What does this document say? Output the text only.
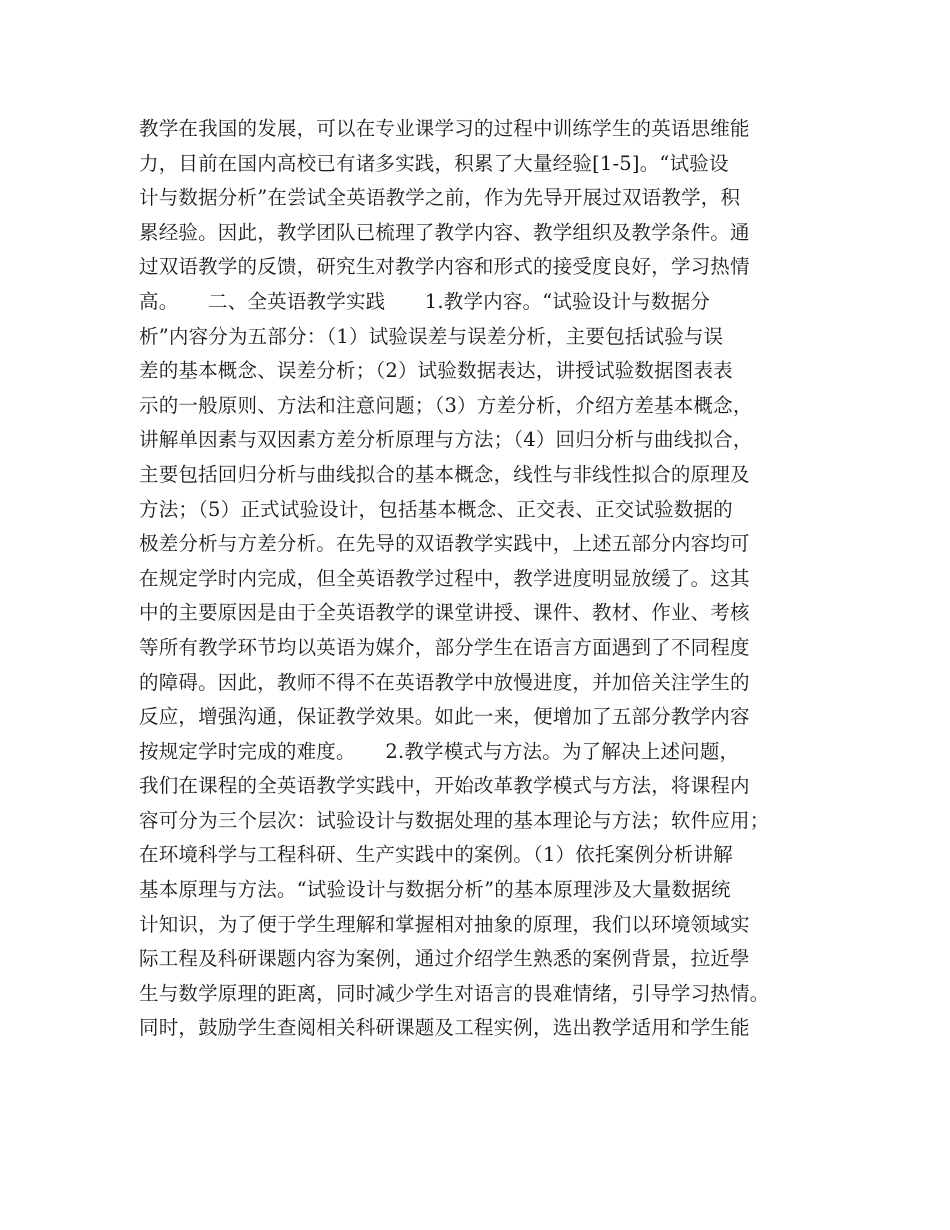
教学在我国的发展，可以在专业课学习的过程中训练学生的英语思维能
力，目前在国内高校已有诸多实践，积累了大量经验[1-5]。“试验设
计与数据分析”在尝试全英语教学之前，作为先导开展过双语教学，积
累经验。因此，教学团队已梳理了教学内容、教学组织及教学条件。通
过双语教学的反馈，研究生对教学内容和形式的接受度良好，学习热情
高。　　二、全英语教学实践　　1.教学内容。“试验设计与数据分
析”内容分为五部分：（1）试验误差与误差分析，主要包括试验与误
差的基本概念、误差分析；（2）试验数据表达，讲授试验数据图表表
示的一般原则、方法和注意问题；（3）方差分析，介绍方差基本概念，
讲解单因素与双因素方差分析原理与方法；（4）回归分析与曲线拟合，
主要包括回归分析与曲线拟合的基本概念，线性与非线性拟合的原理及
方法；（5）正式试验设计，包括基本概念、正交表、正交试验数据的
极差分析与方差分析。在先导的双语教学实践中，上述五部分内容均可
在规定学时内完成，但全英语教学过程中，教学进度明显放缓了。这其
中的主要原因是由于全英语教学的课堂讲授、课件、教材、作业、考核
等所有教学环节均以英语为媒介，部分学生在语言方面遇到了不同程度
的障碍。因此，教师不得不在英语教学中放慢进度，并加倍关注学生的
反应，增强沟通，保证教学效果。如此一来，便增加了五部分教学内容
按规定学时完成的难度。　　2.教学模式与方法。为了解决上述问题，
我们在课程的全英语教学实践中，开始改革教学模式与方法，将课程内
容可分为三个层次：试验设计与数据处理的基本理论与方法；软件应用；
在环境科学与工程科研、生产实践中的案例。（1）依托案例分析讲解
基本原理与方法。“试验设计与数据分析”的基本原理涉及大量数据统
计知识，为了便于学生理解和掌握相对抽象的原理，我们以环境领域实
际工程及科研课题内容为案例，通过介绍学生熟悉的案例背景，拉近學
生与数学原理的距离，同时减少学生对语言的畏难情绪，引导学习热情。
同时，鼓励学生查阅相关科研课题及工程实例，选出教学适用和学生能
